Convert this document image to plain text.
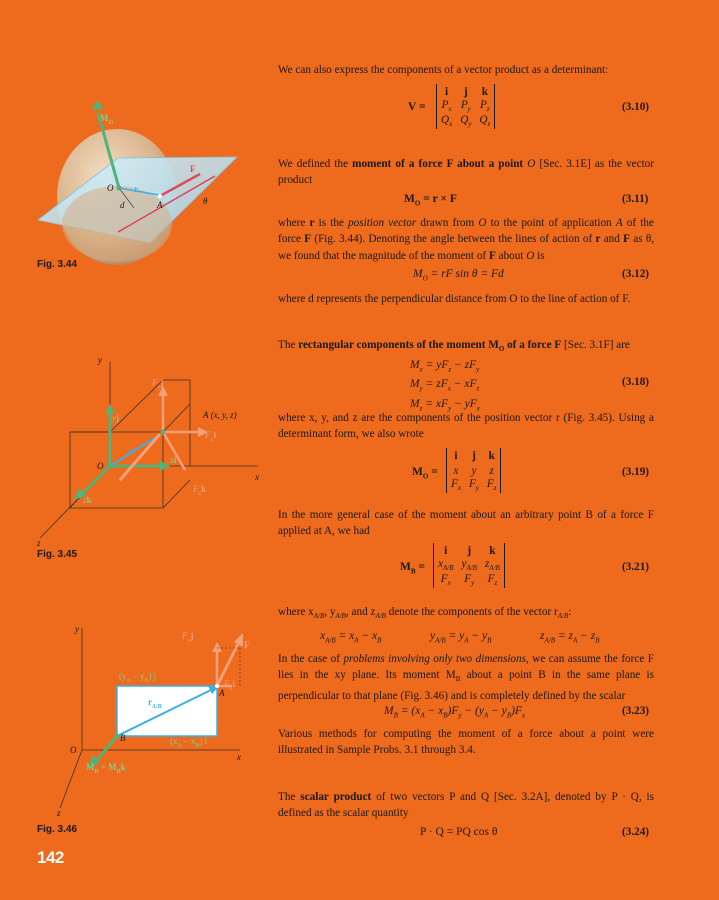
$M_O$
O r
d	A
F
θ
Fig. 3.44
y
x
z
O
r
A (x, y, z)
$F_yj$
$F_xi$
$F_zk$
yj
xi
zk
Fig. 3.45
y
x
z
O
B
A
F
$F_yj$
$F_xi$
$r_{A/B}$
$(y_A - y_B)$ j
$(x_A - x_B)$ i
$M_B = M_Bk$
Fig. 3.46
142
We can also express the components of a vector product as a determinant:
V =
i	j	k
$P_x$	$P_y$	$P_z$
$Q_x$	$Q_y$	$Q_z$
(3.10)
We defined the moment of a force F about a point O [Sec. 3.1E] as the vector product
$M_O = r \times F$	(3.11)
where r is the position vector drawn from O to the point of application A of the force F (Fig. 3.44). Denoting the angle between the lines of action of r and F as θ, we found that the magnitude of the moment of F about O is
$M_O$ = rF sin θ = Fd	(3.12)
where d represents the perpendicular distance from O to the line of action of F.
The rectangular components of the moment $M_O$ of a force F [Sec. 3.1F] are
$M_x = yF_z - zF_y$
$M_y = zF_x - xF_z$
$M_z = xF_y - yF_x$
(3.18)
where x, y, and z are the components of the position vector r (Fig. 3.45). Using a determinant form, we also wrote
$M_O$ =
i	j	k
x	y	z
$F_x$	$F_y$	$F_z$
(3.19)
In the more general case of the moment about an arbitrary point B of a force F applied at A, we had
$M_B$ =
i	j	k
$x_{A/B}$	$y_{A/B}$	$z_{A/B}$
$F_x$	$F_y$	$F_z$
(3.21)
where $x_{A/B}$, $y_{A/B}$, and $z_{A/B}$ denote the components of the vector $r_{A/B}$:
$x_{A/B} = x_A - x_B$	$y_{A/B} = y_A - y_B$	$z_{A/B} = z_A - z_B$
In the case of problems involving only two dimensions, we can assume the force F lies in the xy plane. Its moment $M_B$ about a point B in the same plane is perpendicular to that plane (Fig. 3.46) and is completely defined by the scalar
$M_B = (x_A - x_B)F_y - (y_A - y_B)F_x$	(3.23)
Various methods for computing the moment of a force about a point were illustrated in Sample Probs. 3.1 through 3.4.
The scalar product of two vectors P and Q [Sec. 3.2A], denoted by P · Q, is defined as the scalar quantity
P · Q = PQ cos θ	(3.24)
